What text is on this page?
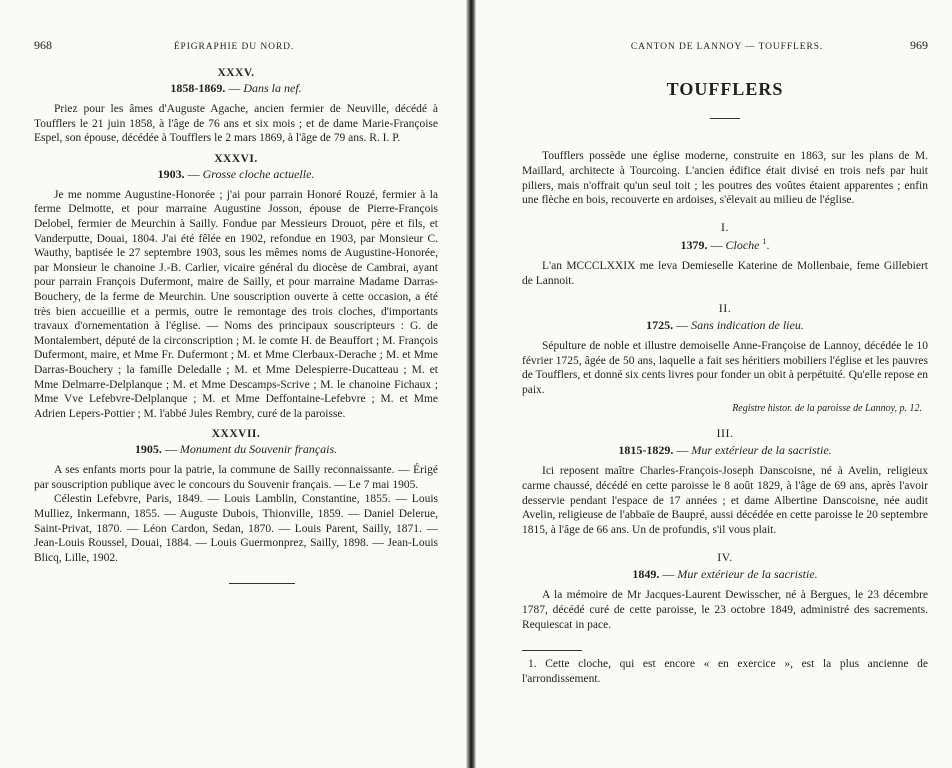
968	ÉPIGRAPHIE DU NORD.
XXXV.
1858-1869. — Dans la nef.

Priez pour les âmes d'Auguste Agache, ancien fermier de Neuville, décédé à Toufflers le 21 juin 1858, à l'âge de 76 ans et six mois ; et de dame Marie-Françoise Espel, son épouse, décédée à Toufflers le 2 mars 1869, à l'âge de 79 ans. R. I. P.

XXXVI.
1903. — Grosse cloche actuelle.

Je me nomme Augustine-Honorée ; j'ai pour parrain Honoré Rouzé, fermier à la ferme Delmotte, et pour marraine Augustine Josson, épouse de Pierre-François Delobel, fermier de Meurchin à Sailly. Fondue par Messieurs Drouot, père et fils, et Vanderputte, Douai, 1804. J'ai été fêlée en 1902, refondue en 1903, par Monsieur C. Wauthy, baptisée le 27 septembre 1903, sous les mêmes noms de Augustine-Honorée, par Monsieur le chanoine J.-B. Carlier, vicaire général du diocèse de Cambrai, ayant pour parrain François Dufermont, maire de Sailly, et pour marraine Madame Darras-Bouchery, de la ferme de Meurchin. Une souscription ouverte à cette occasion, a été très bien accueillie et a permis, outre le remontage des trois cloches, d'importants travaux d'ornementation à l'église. — Noms des principaux souscripteurs : G. de Montalembert, député de la circonscription ; M. le comte H. de Beauffort ; M. François Dufermont, maire, et Mme Fr. Dufermont ; M. et Mme Clerbaux-Derache ; M. et Mme Darras-Bouchery ; la famille Deledalle ; M. et Mme Delespierre-Ducatteau ; M. et Mme Delmarre-Delplanque ; M. et Mme Descamps-Scrive ; M. le chanoine Fichaux ; Mme Vve Lefebvre-Delplanque ; M. et Mme Deffontaine-Lefebvre ; M. et Mme Adrien Lepers-Pottier ; M. l'abbé Jules Rembry, curé de la paroisse.

XXXVII.
1905. — Monument du Souvenir français.

A ses enfants morts pour la patrie, la commune de Sailly reconnaissante. — Érigé par souscription publique avec le concours du Souvenir français. — Le 7 mai 1905.

Célestin Lefebvre, Paris, 1849. — Louis Lamblin, Constantine, 1855. — Louis Mulliez, Inkermann, 1855. — Auguste Dubois, Thionville, 1859. — Daniel Delerue, Saint-Privat, 1870. — Léon Cardon, Sedan, 1870. — Louis Parent, Sailly, 1871. — Jean-Louis Roussel, Douai, 1884. — Louis Guermonprez, Sailly, 1898. — Jean-Louis Blicq, Lille, 1902.

CANTON DE LANNOY — TOUFFLERS.	969
TOUFFLERS

Toufflers possède une église moderne, construite en 1863, sur les plans de M. Maillard, architecte à Tourcoing. L'ancien édifice était divisé en trois nefs par huit piliers, mais n'offrait qu'un seul toit ; les poutres des voûtes étaient apparentes ; enfin une flèche en bois, recouverte en ardoises, s'élevait au milieu de l'église.

I.
1379. — Cloche $^1$.

L'an MCCCLXXIX me leva Demieselle Katerine de Mollenbaie, feme Gillebiert de Lannoit.

II.
1725. — Sans indication de lieu.

Sépulture de noble et illustre demoiselle Anne-Françoise de Lannoy, décédée le 10 février 1725, âgée de 50 ans, laquelle a fait ses héritiers mobiliers l'église et les pauvres de Toufflers, et donné six cents livres pour fonder un obit à perpétuité. Qu'elle repose en paix.

Registre histor. de la paroisse de Lannoy, p. 12.
III.
1815-1829. — Mur extérieur de la sacristie.

Ici reposent maître Charles-François-Joseph Danscoisne, né à Avelin, religieux carme chaussé, décédé en cette paroisse le 8 août 1829, à l'âge de 69 ans, après l'avoir desservie pendant l'espace de 17 années ; et dame Albertine Danscoisne, née audit Avelin, religieuse de l'abbaïe de Baupré, aussi décédée en cette paroisse le 20 septembre 1815, à l'âge de 66 ans. Un de profundis, s'il vous plait.

IV.
1849. — Mur extérieur de la sacristie.

A la mémoire de Mr Jacques-Laurent Dewisscher, né à Bergues, le 23 décembre 1787, décédé curé de cette paroisse, le 23 octobre 1849, administré des sacrements. Requiescat in pace.

1. Cette cloche, qui est encore « en exercice », est la plus ancienne de l'arrondissement.
